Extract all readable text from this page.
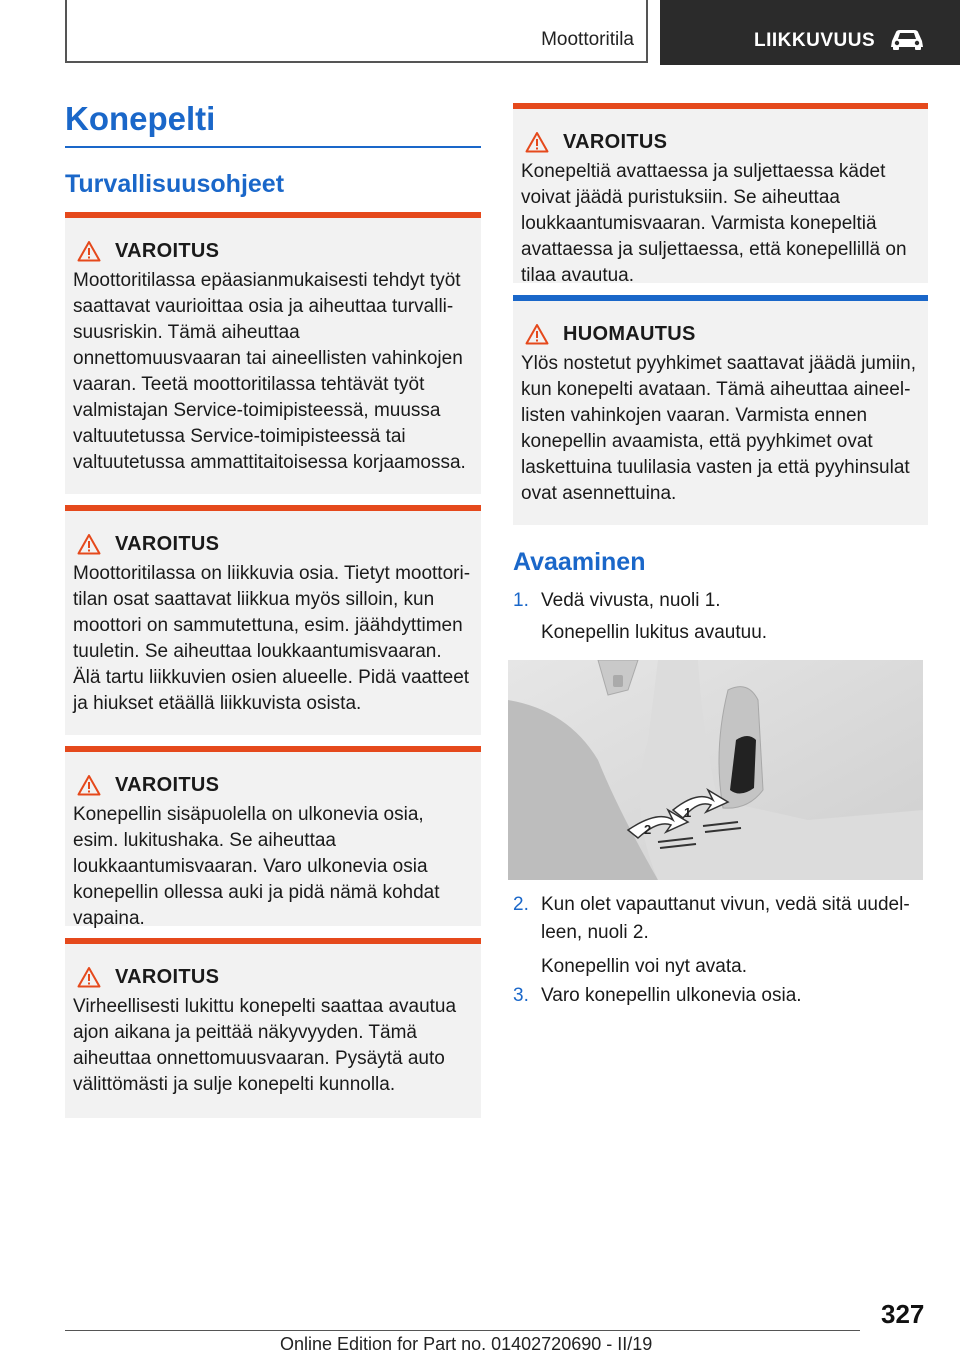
Moottoritila	LIIKKUVUUS
Konepelti
Turvallisuusohjeet
VAROITUS
Moottoritilassa epäasianmukaisesti tehdyt työt saattavat vaurioittaa osia ja aiheuttaa turvallisuusriskin. Tämä aiheuttaa onnettomuusvaaran tai aineellisten vahinkojen vaaran. Teetä moottoritilassa tehtävät työt valmistajan Service-toimipisteessä, muussa valtuutetussa Service-toimipisteessä tai valtuutetussa ammattitaitoisessa korjaamossa.
VAROITUS
Moottoritilassa on liikkuvia osia. Tietyt moottoritilan osat saattavat liikkua myös silloin, kun moottori on sammutettuna, esim. jäähdyttimen tuuletin. Se aiheuttaa loukkaantumisvaaran. Älä tartu liikkuvien osien alueelle. Pidä vaatteet ja hiukset etäällä liikkuvista osista.
VAROITUS
Konepellin sisäpuolella on ulkonevia osia, esim. lukitushaka. Se aiheuttaa loukkaantumisvaaran. Varo ulkonevia osia konepellin ollessa auki ja pidä nämä kohdat vapaina.
VAROITUS
Virheellisesti lukittu konepelti saattaa avautua ajon aikana ja peittää näkyvyyden. Tämä aiheuttaa onnettomuusvaaran. Pysäytä auto välittömästi ja sulje konepelti kunnolla.
VAROITUS
Konepeltiä avattaessa ja suljettaessa kädet voivat jäädä puristuksiin. Se aiheuttaa loukkaantumisvaaran. Varmista konepeltiä avattaessa ja suljettaessa, että konepellillä on tilaa avautua.
HUOMAUTUS
Ylös nostetut pyyhkimet saattavat jäädä jumiin, kun konepelti avataan. Tämä aiheuttaa aineellisten vahinkojen vaaran. Varmista ennen konepellin avaamista, että pyyhkimet ovat laskettuina tuulilasia vasten ja että pyyhinsulat ovat asennettuina.
Avaaminen
1. Vedä vivusta, nuoli 1.
Konepellin lukitus avautuu.
2
1
2. Kun olet vapauttanut vivun, vedä sitä uudelleen, nuoli 2.
Konepellin voi nyt avata.
3. Varo konepellin ulkonevia osia.
327
Online Edition for Part no. 01402720690 - II/19
